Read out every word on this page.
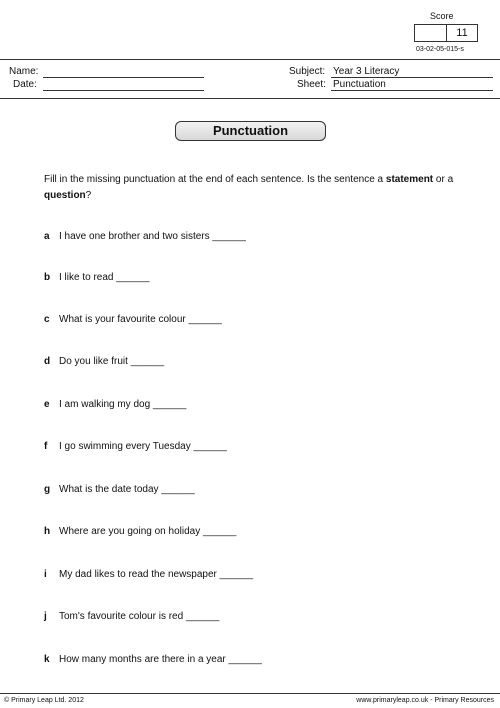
Score
11
03-02-05-015-s
Name:
Date:
Subject: Year 3 Literacy
Sheet: Punctuation
Punctuation
Fill in the missing punctuation at the end of each sentence. Is the sentence a statement or a question?
a I have one brother and two sisters ______
b I like to read ______
c What is your favourite colour ______
d Do you like fruit ______
e I am walking my dog ______
f I go swimming every Tuesday ______
g What is the date today ______
h Where are you going on holiday ______
i My dad likes to read the newspaper ______
j Tom's favourite colour is red ______
k How many months are there in a year ______
© Primary Leap Ltd. 2012	www.primaryleap.co.uk - Primary Resources
